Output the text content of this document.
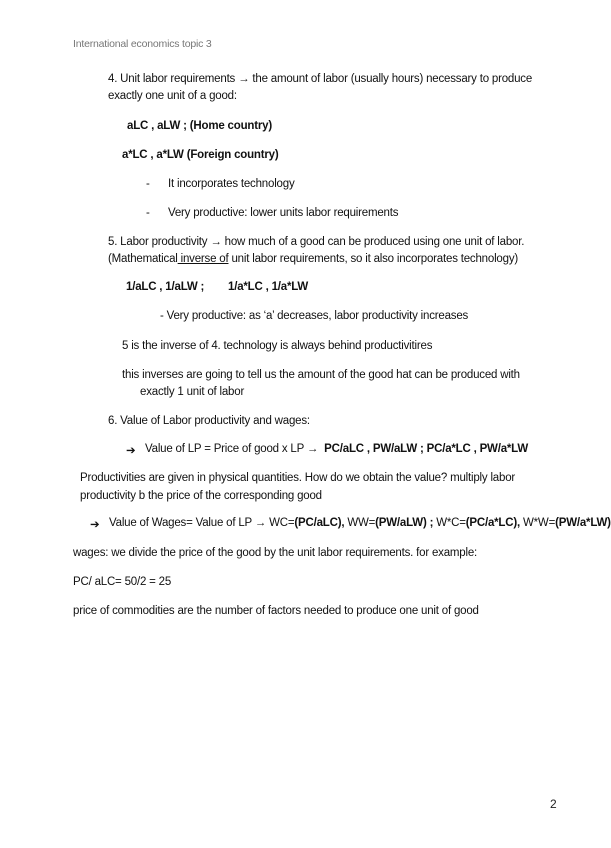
International economics topic 3
4. Unit labor requirements → the amount of labor (usually hours) necessary to produce
exactly one unit of a good:
aLC , aLW ; (Home country)
a*LC , a*LW (Foreign country)
- It incorporates technology
- Very productive: lower units labor requirements
5. Labor productivity → how much of a good can be produced using one unit of labor.
(Mathematical inverse of unit labor requirements, so it also incorporates technology)
1/aLC , 1/aLW ; 1/a*LC , 1/a*LW
- Very productive: as ‘a’ decreases, labor productivity increases
5 is the inverse of 4. technology is always behind productivitires
this inverses are going to tell us the amount of the good hat can be produced with
exactly 1 unit of labor
6. Value of Labor productivity and wages:
➔ Value of LP = Price of good x LP → PC/aLC , PW/aLW ; PC/a*LC , PW/a*LW
Productivities are given in physical quantities. How do we obtain the value? multiply labor
productivity b the price of the corresponding good
➔ Value of Wages= Value of LP → WC=(PC/aLC), WW=(PW/aLW) ; W*C=(PC/a*LC), W*W=(PW/a*LW)
wages: we divide the price of the good by the unit labor requirements. for example:
PC/ aLC= 50/2 = 25
price of commodities are the number of factors needed to produce one unit of good
2
